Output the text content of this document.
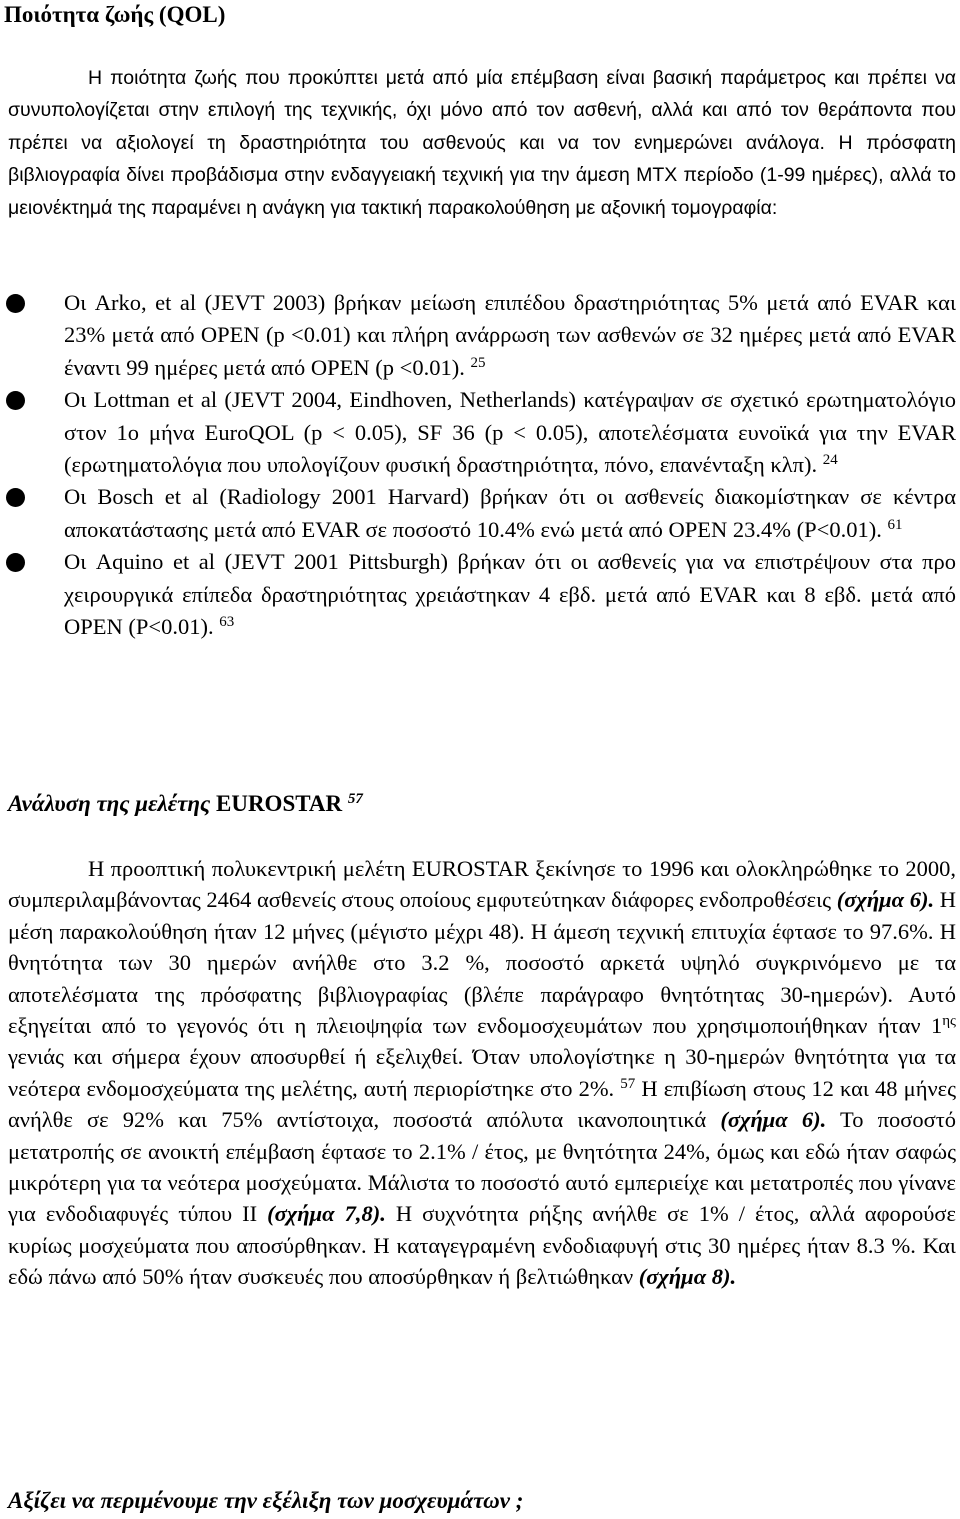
Ποιότητα ζωής (QOL)

Η ποιότητα ζωής που προκύπτει μετά από μία επέμβαση είναι βασική παράμετρος και πρέπει να συνυπολογίζεται στην επιλογή της τεχνικής, όχι μόνο από τον ασθενή, αλλά και από τον θεράποντα που πρέπει να αξιολογεί τη δραστηριότητα του ασθενούς και να τον ενημερώνει ανάλογα. Η πρόσφατη βιβλιογραφία δίνει προβάδισμα στην ενδαγγειακή τεχνική για την άμεση ΜΤΧ περίοδο (1-99 ημέρες), αλλά το μειονέκτημά της παραμένει η ανάγκη για τακτική παρακολούθηση με αξονική τομογραφία:

Οι Arko, et al (JEVT 2003) βρήκαν μείωση επιπέδου δραστηριότητας 5% μετά από EVAR και 23% μετά από OPEN (p <0.01) και πλήρη ανάρρωση των ασθενών σε 32 ημέρες μετά από EVAR έναντι 99 ημέρες μετά από OPEN (p <0.01). $^{25}$
Οι Lottman et al (JEVT 2004, Eindhoven, Netherlands) κατέγραψαν σε σχετικό ερωτηματολόγιο στον 1ο μήνα EuroQOL (p < 0.05), SF 36 (p < 0.05), αποτελέσματα ευνοϊκά για την EVAR (ερωτηματολόγια που υπολογίζουν φυσική δραστηριότητα, πόνο, επανένταξη κλπ). $^{24}$
Οι Bosch et al (Radiology 2001 Harvard) βρήκαν ότι οι ασθενείς διακομίστηκαν σε κέντρα αποκατάστασης μετά από EVAR σε ποσοστό 10.4% ενώ μετά από OPEN 23.4% (P<0.01). $^{61}$
Οι Aquino et al (JEVT 2001 Pittsburgh) βρήκαν ότι οι ασθενείς για να επιστρέψουν στα προ χειρουργικά επίπεδα δραστηριότητας χρειάστηκαν 4 εβδ. μετά από EVAR και 8 εβδ. μετά από OPEN (P<0.01). $^{63}$
Ανάλυση της μελέτης EUROSTAR $^{57}$

Η προοπτική πολυκεντρική μελέτη EUROSTAR ξεκίνησε το 1996 και ολοκληρώθηκε το 2000, συμπεριλαμβάνοντας 2464 ασθενείς στους οποίους εμφυτεύτηκαν διάφορες ενδοπροθέσεις (σχήμα 6). Η μέση παρακολούθηση ήταν 12 μήνες (μέγιστο μέχρι 48). Η άμεση τεχνική επιτυχία έφτασε το 97.6%. Η θνητότητα των 30 ημερών ανήλθε στο 3.2 %, ποσοστό αρκετά υψηλό συγκρινόμενο με τα αποτελέσματα της πρόσφατης βιβλιογραφίας (βλέπε παράγραφο θνητότητας 30-ημερών). Αυτό εξηγείται από το γεγονός ότι η πλειοψηφία των ενδομοσχευμάτων που χρησιμοποιήθηκαν ήταν $1^{\eta\varsigma}$ γενιάς και σήμερα έχουν αποσυρθεί ή εξελιχθεί. Όταν υπολογίστηκε η 30-ημερών θνητότητα για τα νεότερα ενδομοσχεύματα της μελέτης, αυτή περιορίστηκε στο 2%. $^{57}$ Η επιβίωση στους 12 και 48 μήνες ανήλθε σε 92% και 75% αντίστοιχα, ποσοστά απόλυτα ικανοποιητικά (σχήμα 6). Το ποσοστό μετατροπής σε ανοικτή επέμβαση έφτασε το 2.1% / έτος, με θνητότητα 24%, όμως και εδώ ήταν σαφώς μικρότερη για τα νεότερα μοσχεύματα. Μάλιστα το ποσοστό αυτό εμπεριείχε και μετατροπές που γίνανε για ενδοδιαφυγές τύπου ΙΙ (σχήμα 7,8). Η συχνότητα ρήξης ανήλθε σε 1% / έτος, αλλά αφορούσε κυρίως μοσχεύματα που αποσύρθηκαν. Η καταγεγραμένη ενδοδιαφυγή στις 30 ημέρες ήταν 8.3 %. Και εδώ πάνω από 50% ήταν συσκευές που αποσύρθηκαν ή βελτιώθηκαν (σχήμα 8).

Αξίζει να περιμένουμε την εξέλιξη των μοσχευμάτων ;
